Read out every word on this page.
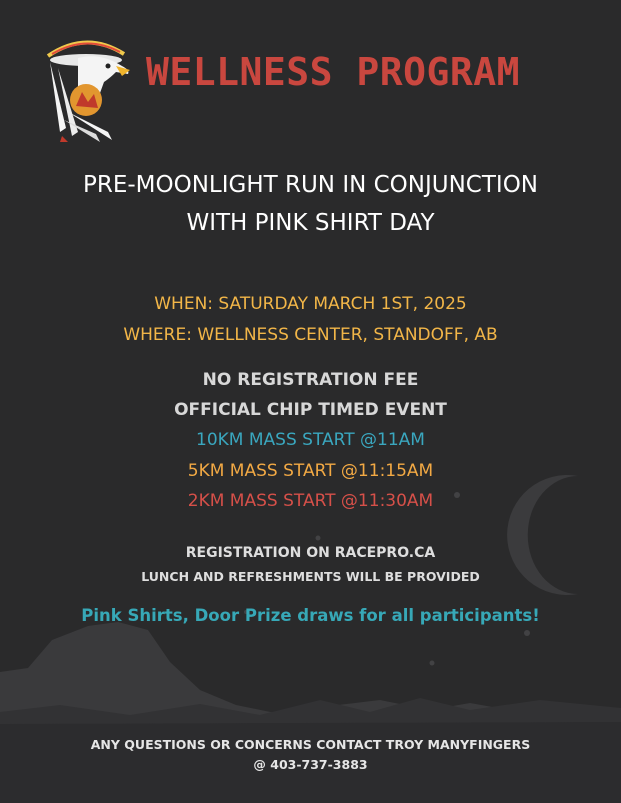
WELLNESS PROGRAM
PRE-MOONLIGHT RUN IN CONJUNCTION
WITH PINK SHIRT DAY
WHEN: SATURDAY MARCH 1ST, 2025
WHERE: WELLNESS CENTER, STANDOFF, AB
NO REGISTRATION FEE
OFFICIAL CHIP TIMED EVENT
10KM MASS START @11AM
5KM MASS START @11:15AM
2KM MASS START @11:30AM
REGISTRATION ON RACEPRO.CA
LUNCH AND REFRESHMENTS WILL BE PROVIDED
Pink Shirts, Door Prize draws for all participants!
ANY QUESTIONS OR CONCERNS CONTACT TROY MANYFINGERS
@ 403-737-3883
